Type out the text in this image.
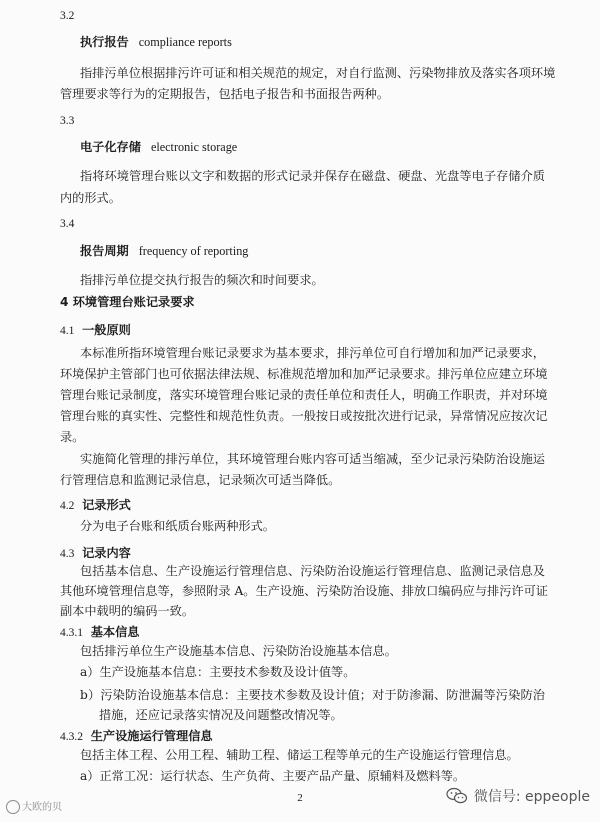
3.2
执行报告 compliance reports
指排污单位根据排污许可证和相关规范的规定，对自行监测、污染物排放及落实各项环境
管理要求等行为的定期报告，包括电子报告和书面报告两种。
3.3
电子化存储 electronic storage
指将环境管理台账以文字和数据的形式记录并保存在磁盘、硬盘、光盘等电子存储介质
内的形式。
3.4
报告周期 frequency of reporting
指排污单位提交执行报告的频次和时间要求。
4 环境管理台账记录要求
4.1 一般原则
本标准所指环境管理台账记录要求为基本要求，排污单位可自行增加和加严记录要求，
环境保护主管部门也可依据法律法规、标准规范增加和加严记录要求。排污单位应建立环境
管理台账记录制度，落实环境管理台账记录的责任单位和责任人，明确工作职责，并对环境
管理台账的真实性、完整性和规范性负责。一般按日或按批次进行记录，异常情况应按次记
录。
实施简化管理的排污单位，其环境管理台账内容可适当缩减，至少记录污染防治设施运
行管理信息和监测记录信息，记录频次可适当降低。
4.2 记录形式
分为电子台账和纸质台账两种形式。
4.3 记录内容
包括基本信息、生产设施运行管理信息、污染防治设施运行管理信息、监测记录信息及
其他环境管理信息等，参照附录 A。生产设施、污染防治设施、排放口编码应与排污许可证
副本中载明的编码一致。
4.3.1 基本信息
包括排污单位生产设施基本信息、污染防治设施基本信息。
a）生产设施基本信息：主要技术参数及设计值等。
b）污染防治设施基本信息：主要技术参数及设计值；对于防渗漏、防泄漏等污染防治
措施，还应记录落实情况及问题整改情况等。
4.3.2 生产设施运行管理信息
包括主体工程、公用工程、辅助工程、储运工程等单元的生产设施运行管理信息。
a）正常工况：运行状态、生产负荷、主要产品产量、原辅料及燃料等。
2
大欧的贝
微信号: eppeople
